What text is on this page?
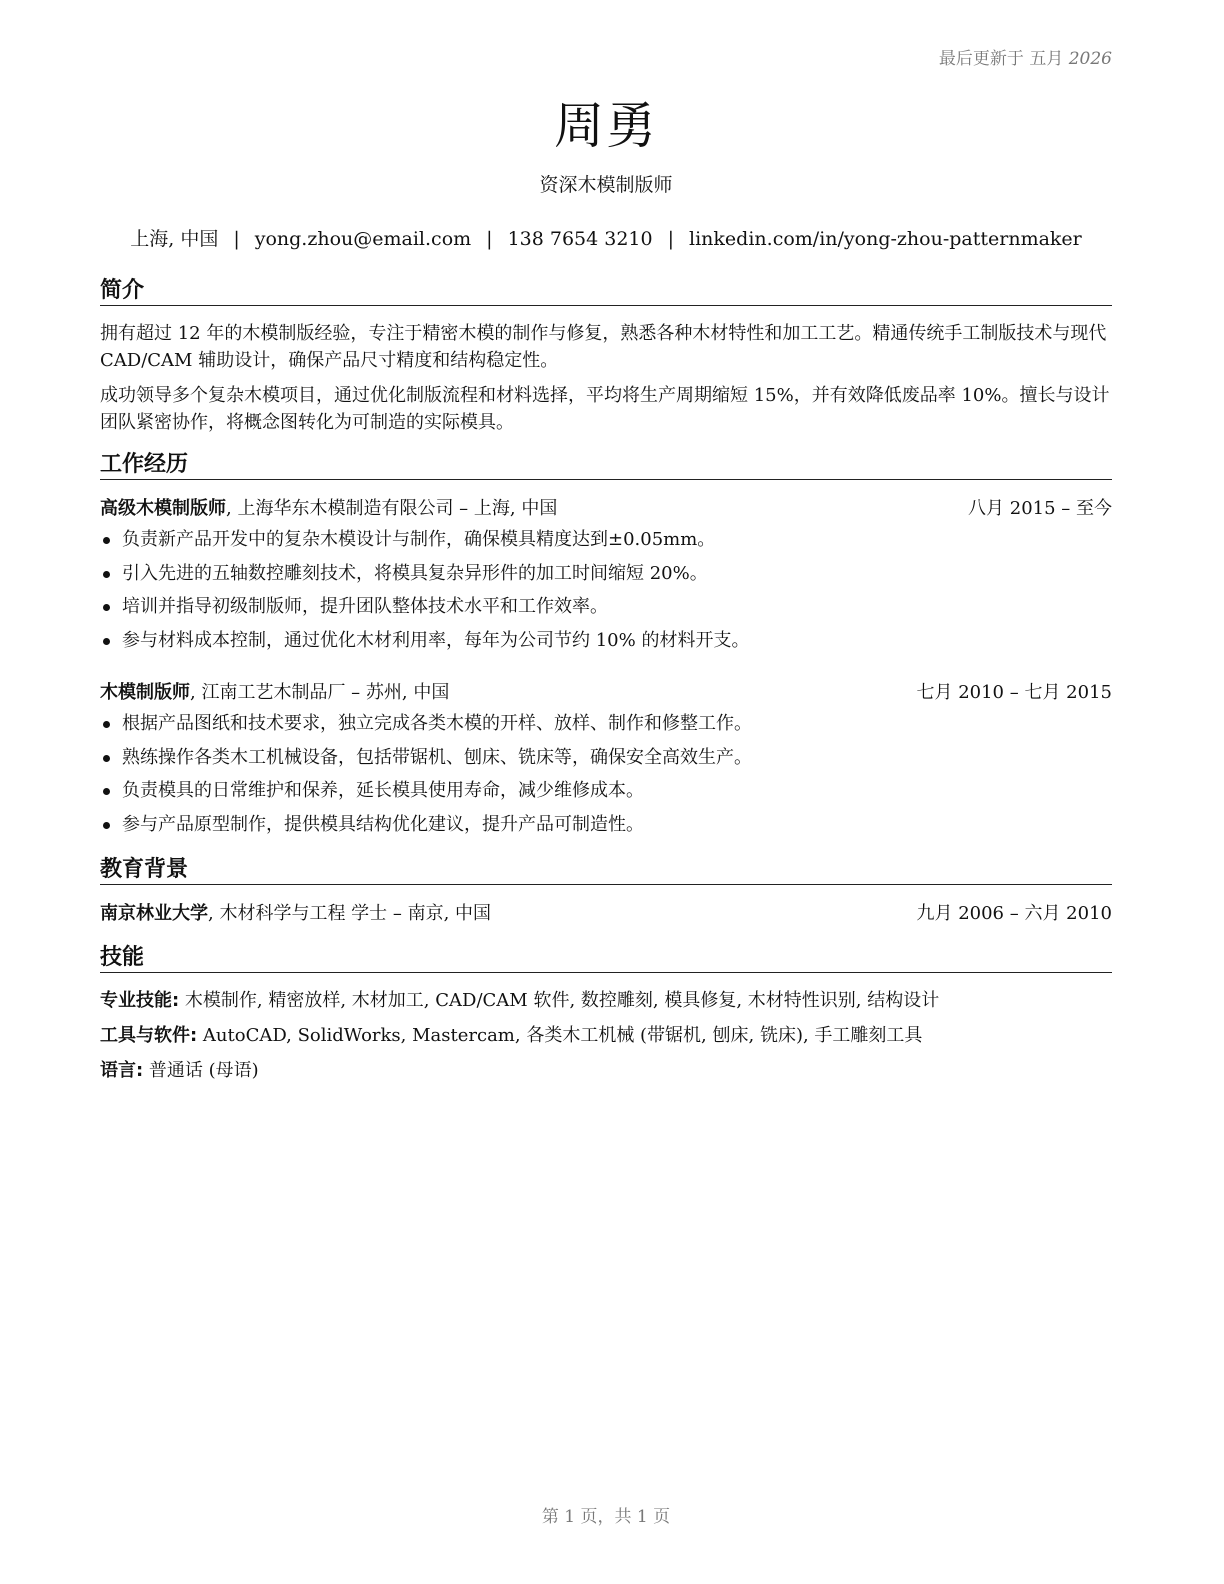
最后更新于 五月 2026
周勇
资深木模制版师
上海, 中国 | yong.zhou@email.com | 138 7654 3210 | linkedin.com/in/yong-zhou-patternmaker
简介
拥有超过 12 年的木模制版经验，专注于精密木模的制作与修复，熟悉各种木材特性和加工工艺。精通传统手工制版技术与现代 CAD/CAM 辅助设计，确保产品尺寸精度和结构稳定性。
成功领导多个复杂木模项目，通过优化制版流程和材料选择，平均将生产周期缩短 15%，并有效降低废品率 10%。擅长与设计团队紧密协作，将概念图转化为可制造的实际模具。
工作经历
高级木模制版师, 上海华东木模制造有限公司 – 上海, 中国	八月 2015 – 至今
负责新产品开发中的复杂木模设计与制作，确保模具精度达到±0.05mm。
引入先进的五轴数控雕刻技术，将模具复杂异形件的加工时间缩短 20%。
培训并指导初级制版师，提升团队整体技术水平和工作效率。
参与材料成本控制，通过优化木材利用率，每年为公司节约 10% 的材料开支。
木模制版师, 江南工艺木制品厂 – 苏州, 中国	七月 2010 – 七月 2015
根据产品图纸和技术要求，独立完成各类木模的开样、放样、制作和修整工作。
熟练操作各类木工机械设备，包括带锯机、刨床、铣床等，确保安全高效生产。
负责模具的日常维护和保养，延长模具使用寿命，减少维修成本。
参与产品原型制作，提供模具结构优化建议，提升产品可制造性。
教育背景
南京林业大学, 木材科学与工程 学士 – 南京, 中国	九月 2006 – 六月 2010
技能
专业技能: 木模制作, 精密放样, 木材加工, CAD/CAM 软件, 数控雕刻, 模具修复, 木材特性识别, 结构设计
工具与软件: AutoCAD, SolidWorks, Mastercam, 各类木工机械 (带锯机, 刨床, 铣床), 手工雕刻工具
语言: 普通话 (母语)
第 1 页，共 1 页
